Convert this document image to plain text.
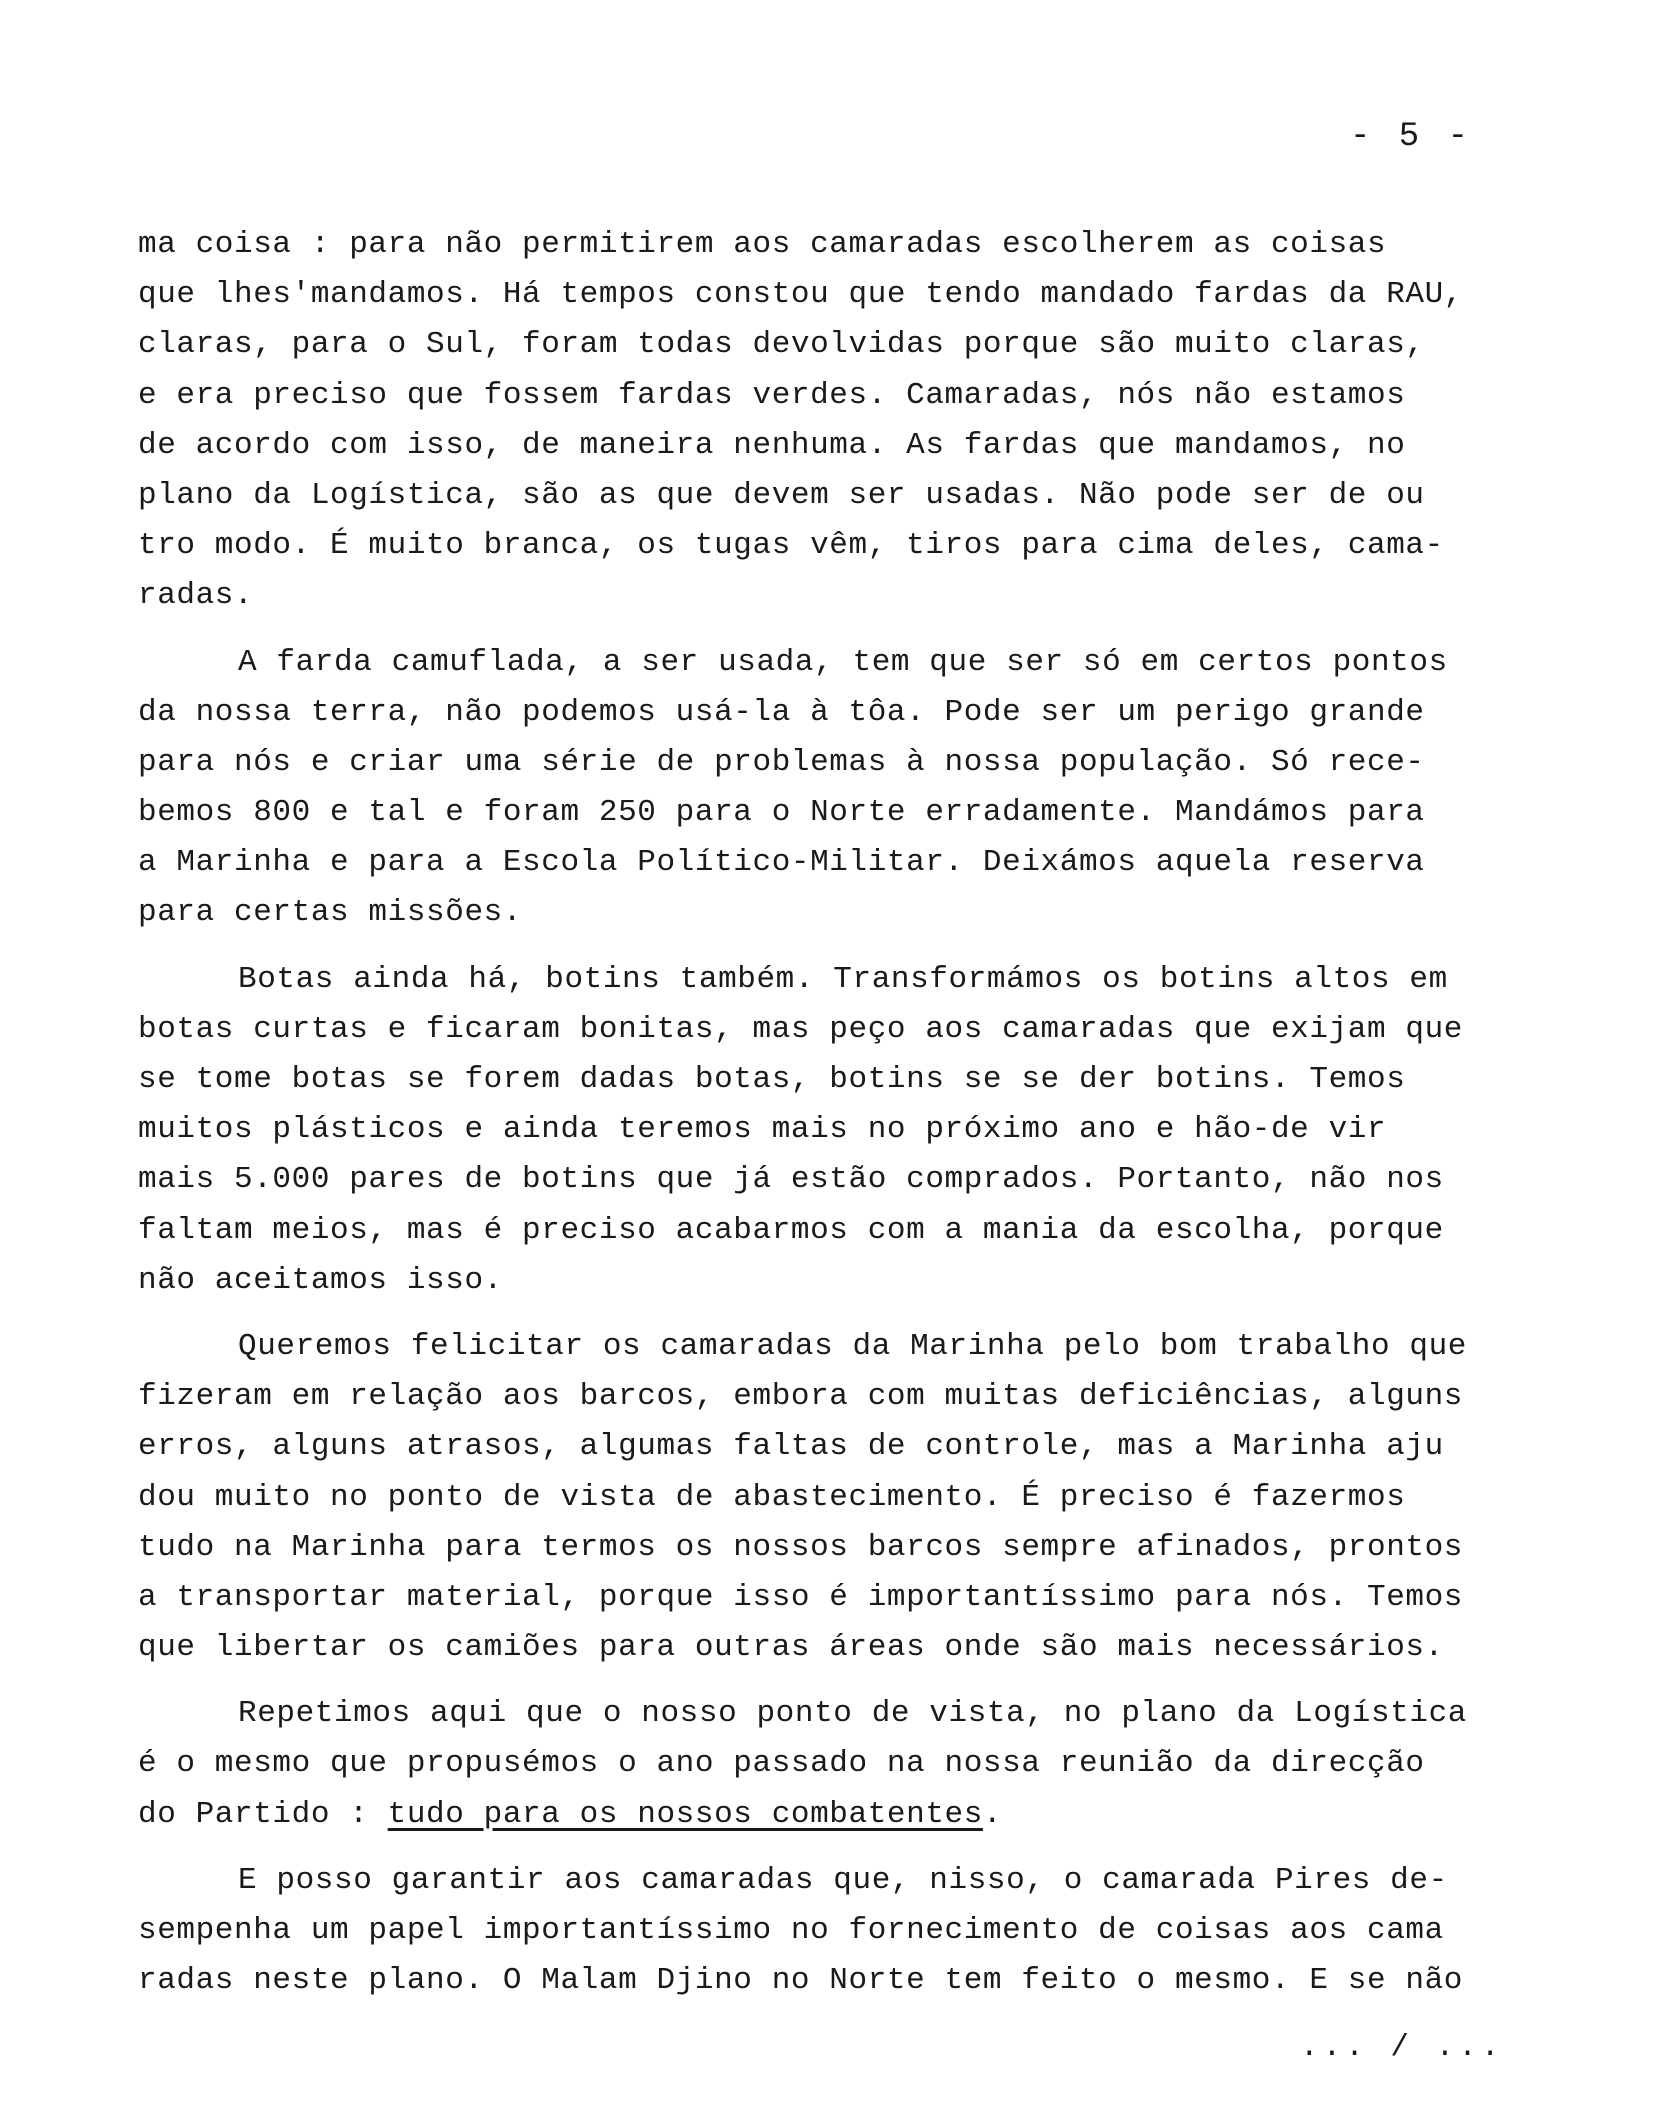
- 5 -
ma coisa : para não permitirem aos camaradas escolherem as coisas
que lhes'mandamos. Há tempos constou que tendo mandado fardas da RAU,
claras, para o Sul, foram todas devolvidas porque são muito claras,
e era preciso que fossem fardas verdes. Camaradas, nós não estamos
de acordo com isso, de maneira nenhuma. As fardas que mandamos, no
plano da Logística, são as que devem ser usadas. Não pode ser de ou
tro modo. É muito branca, os tugas vêm, tiros para cima deles, cama-
radas.
A farda camuflada, a ser usada, tem que ser só em certos pontos
da nossa terra, não podemos usá-la à tôa. Pode ser um perigo grande
para nós e criar uma série de problemas à nossa população. Só rece-
bemos 800 e tal e foram 250 para o Norte erradamente. Mandámos para
a Marinha e para a Escola Político-Militar. Deixámos aquela reserva
para certas missões.
Botas ainda há, botins também. Transformámos os botins altos em
botas curtas e ficaram bonitas, mas peço aos camaradas que exijam que
se tome botas se forem dadas botas, botins se se der botins. Temos
muitos plásticos e ainda teremos mais no próximo ano e hão-de vir
mais 5.000 pares de botins que já estão comprados. Portanto, não nos
faltam meios, mas é preciso acabarmos com a mania da escolha, porque
não aceitamos isso.
Queremos felicitar os camaradas da Marinha pelo bom trabalho que
fizeram em relação aos barcos, embora com muitas deficiências, alguns
erros, alguns atrasos, algumas faltas de controle, mas a Marinha aju
dou muito no ponto de vista de abastecimento. É preciso é fazermos
tudo na Marinha para termos os nossos barcos sempre afinados, prontos
a transportar material, porque isso é importantíssimo para nós. Temos
que libertar os camiões para outras áreas onde são mais necessários.
Repetimos aqui que o nosso ponto de vista, no plano da Logística
é o mesmo que propusémos o ano passado na nossa reunião da direcção
do Partido : tudo para os nossos combatentes.
E posso garantir aos camaradas que, nisso, o camarada Pires de-
sempenha um papel importantíssimo no fornecimento de coisas aos cama
radas neste plano. O Malam Djino no Norte tem feito o mesmo. E se não
... / ...
